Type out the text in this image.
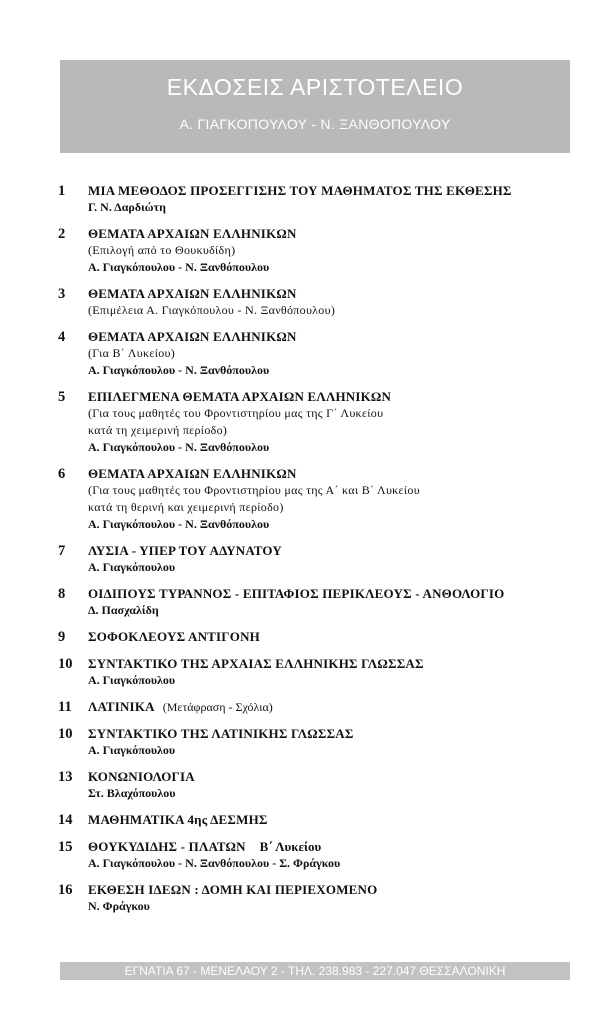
ΕΚΔΟΣΕΙΣ ΑΡΙΣΤΟΤΕΛΕΙΟ
Α. ΓΙΑΓΚΟΠΟΥΛΟΥ - Ν. ΞΑΝΘΟΠΟΥΛΟΥ
1	ΜΙΑ ΜΕΘΟΔΟΣ ΠΡΟΣΕΓΓΙΣΗΣ ΤΟΥ ΜΑΘΗΜΑΤΟΣ ΤΗΣ ΕΚΘΕΣΗΣ
Γ. Ν. Δαρδιώτη
2	ΘΕΜΑΤΑ ΑΡΧΑΙΩΝ ΕΛΛΗΝΙΚΩΝ
(Επιλογή από το Θουκυδίδη)
Α. Γιαγκόπουλου - Ν. Ξανθόπουλου
3	ΘΕΜΑΤΑ ΑΡΧΑΙΩΝ ΕΛΛΗΝΙΚΩΝ
(Επιμέλεια Α. Γιαγκόπουλου - Ν. Ξανθόπουλου)
4	ΘΕΜΑΤΑ ΑΡΧΑΙΩΝ ΕΛΛΗΝΙΚΩΝ
(Για Β΄ Λυκείου)
Α. Γιαγκόπουλου - Ν. Ξανθόπουλου
5	ΕΠΙΛΕΓΜΕΝΑ ΘΕΜΑΤΑ ΑΡΧΑΙΩΝ ΕΛΛΗΝΙΚΩΝ
(Για τους μαθητές του Φροντιστηρίου μας της Γ΄ Λυκείου
κατά τη χειμερινή περίοδο)
Α. Γιαγκόπουλου - Ν. Ξανθόπουλου
6	ΘΕΜΑΤΑ ΑΡΧΑΙΩΝ ΕΛΛΗΝΙΚΩΝ
(Για τους μαθητές του Φροντιστηρίου μας της Α΄ και Β΄ Λυκείου
κατά τη θερινή και χειμερινή περίοδο)
Α. Γιαγκόπουλου - Ν. Ξανθόπουλου
7	ΛΥΣΙΑ - ΥΠΕΡ ΤΟΥ ΑΔΥΝΑΤΟΥ
Α. Γιαγκόπουλου
8	ΟΙΔΙΠΟΥΣ ΤΥΡΑΝΝΟΣ - ΕΠΙΤΑΦΙΟΣ ΠΕΡΙΚΛΕΟΥΣ - ΑΝΘΟΛΟΓΙΟ
Δ. Πασχαλίδη
9	ΣΟΦΟΚΛΕΟΥΣ ΑΝΤΙΓΟΝΗ
10	ΣΥΝΤΑΚΤΙΚΟ ΤΗΣ ΑΡΧΑΙΑΣ ΕΛΛΗΝΙΚΗΣ ΓΛΩΣΣΑΣ
Α. Γιαγκόπουλου
11	ΛΑΤΙΝΙΚΑ (Μετάφραση - Σχόλια)
10	ΣΥΝΤΑΚΤΙΚΟ ΤΗΣ ΛΑΤΙΝΙΚΗΣ ΓΛΩΣΣΑΣ
Α. Γιαγκόπουλου
13	ΚΟΝΩΝΙΟΛΟΓΙΑ
Στ. Βλαχόπουλου
14	ΜΑΘΗΜΑΤΙΚΑ 4ης ΔΕΣΜΗΣ
15	ΘΟΥΚΥΔΙΔΗΣ - ΠΛΑΤΩΝ Β΄ Λυκείου
Α. Γιαγκόπουλου - Ν. Ξανθόπουλου - Σ. Φράγκου
16	ΕΚΘΕΣΗ ΙΔΕΩΝ : ΔΟΜΗ ΚΑΙ ΠΕΡΙΕΧΟΜΕΝΟ
Ν. Φράγκου
ΕΓΝΑΤΙΑ 67 - ΜΕΝΕΛΑΟΥ 2 - ΤΗΛ. 238.983 - 227.047 ΘΕΣΣΑΛΟΝΙΚΗ
